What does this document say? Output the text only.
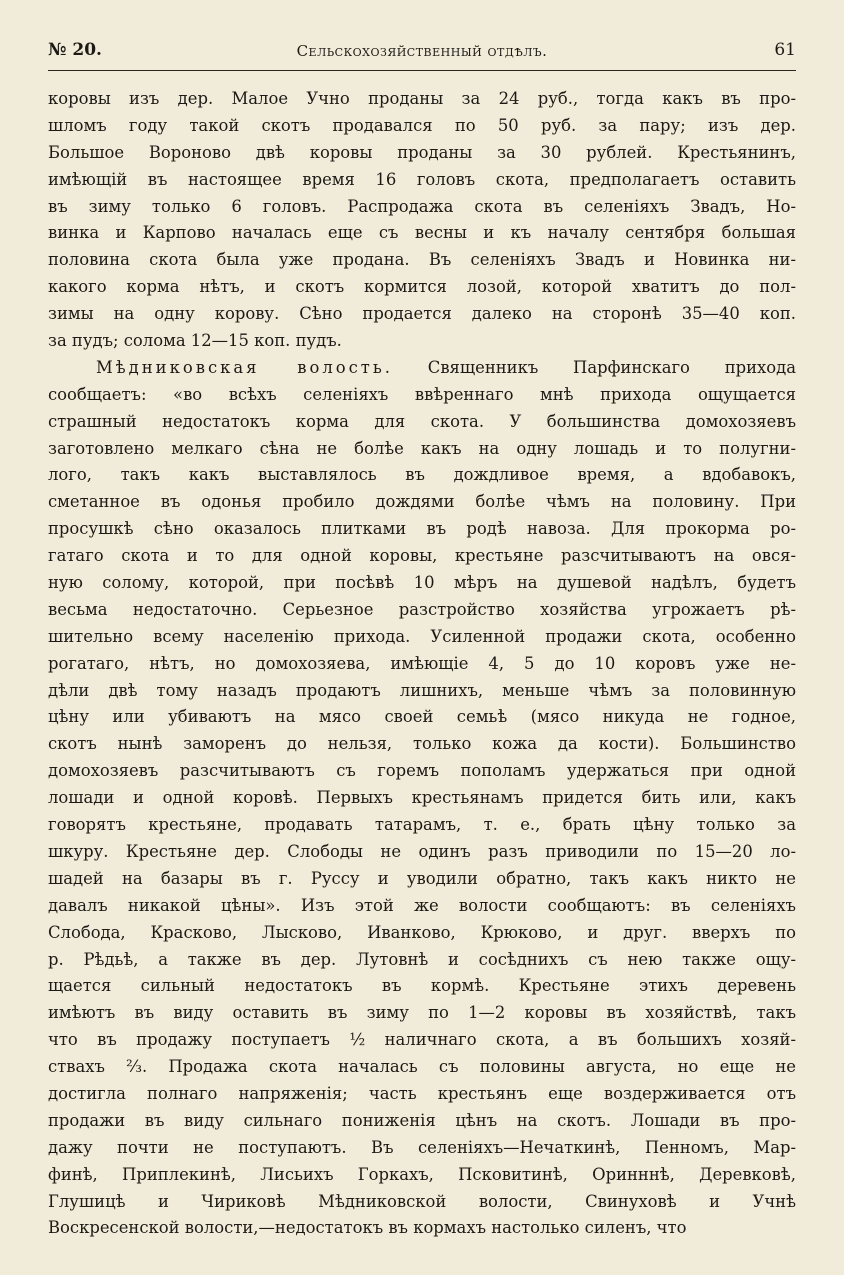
№ 20.	Сельскохозяйственный отдѣлъ.	61
коровы изъ дер. Малое Учно проданы за 24 руб., тогда какъ въ про-
шломъ году такой скотъ продавался по 50 руб. за пару; изъ дер.
Большое Вороново двѣ коровы проданы за 30 рублей. Крестьянинъ,
имѣющій въ настоящее время 16 головъ скота, предполагаетъ оставить
въ зиму только 6 головъ. Распродажа скота въ селеніяхъ Звадъ, Но-
винка и Карпово началась еще съ весны и къ началу сентября большая
половина скота была уже продана. Въ селеніяхъ Звадъ и Новинка ни-
какого корма нѣтъ, и скотъ кормится лозой, которой хватитъ до пол-
зимы на одну корову. Сѣно продается далеко на сторонѣ 35—40 коп.
за пудъ; солома 12—15 коп. пудъ.
Мѣдниковская волость. Священникъ Парфинскаго прихода
сообщаетъ: «во всѣхъ селеніяхъ ввѣреннаго мнѣ прихода ощущается
страшный недостатокъ корма для скота. У большинства домохозяевъ
заготовлено мелкаго сѣна не болѣе какъ на одну лошадь и то полугни-
лого, такъ какъ выставлялось въ дождливое время, а вдобавокъ,
сметанное въ одонья пробило дождями болѣе чѣмъ на половину. При
просушкѣ сѣно оказалось плитками въ родѣ навоза. Для прокорма ро-
гатаго скота и то для одной коровы, крестьяне разсчитываютъ на овся-
ную солому, которой, при посѣвѣ 10 мѣръ на душевой надѣлъ, будетъ
весьма недостаточно. Серьезное разстройство хозяйства угрожаетъ рѣ-
шительно всему населенію прихода. Усиленной продажи скота, особенно
рогатаго, нѣтъ, но домохозяева, имѣющіе 4, 5 до 10 коровъ уже не-
дѣли двѣ тому назадъ продаютъ лишнихъ, меньше чѣмъ за половинную
цѣну или убиваютъ на мясо своей семьѣ (мясо никуда не годное,
скотъ нынѣ заморенъ до нельзя, только кожа да кости). Большинство
домохозяевъ разсчитываютъ съ горемъ пополамъ удержаться при одной
лошади и одной коровѣ. Первыхъ крестьянамъ придется бить или, какъ
говорятъ крестьяне, продавать татарамъ, т. е., брать цѣну только за
шкуру. Крестьяне дер. Слободы не одинъ разъ приводили по 15—20 ло-
шадей на базары въ г. Руссу и уводили обратно, такъ какъ никто не
давалъ никакой цѣны». Изъ этой же волости сообщаютъ: въ селеніяхъ
Слобода, Красково, Лысково, Иванково, Крюково, и друг. вверхъ по
р. Рѣдьѣ, а также въ дер. Лутовнѣ и сосѣднихъ съ нею также ощу-
щается сильный недостатокъ въ кормѣ. Крестьяне этихъ деревень
имѣютъ въ виду оставить въ зиму по 1—2 коровы въ хозяйствѣ, такъ
что въ продажу поступаетъ ½ наличнаго скота, а въ большихъ хозяй-
ствахъ ⅔. Продажа скота началась съ половины августа, но еще не
достигла полнаго напряженія; часть крестьянъ еще воздерживается отъ
продажи въ виду сильнаго пониженія цѣнъ на скотъ. Лошади въ про-
дажу почти не поступаютъ. Въ селеніяхъ—Нечаткинѣ, Пенномъ, Мар-
финѣ, Приплекинѣ, Лисьихъ Горкахъ, Псковитинѣ, Оринннѣ, Деревковѣ,
Глушицѣ и Чириковѣ Мѣдниковской волости, Свинуховѣ и Учнѣ
Воскресенской волости,—недостатокъ въ кормахъ настолько силенъ, что
